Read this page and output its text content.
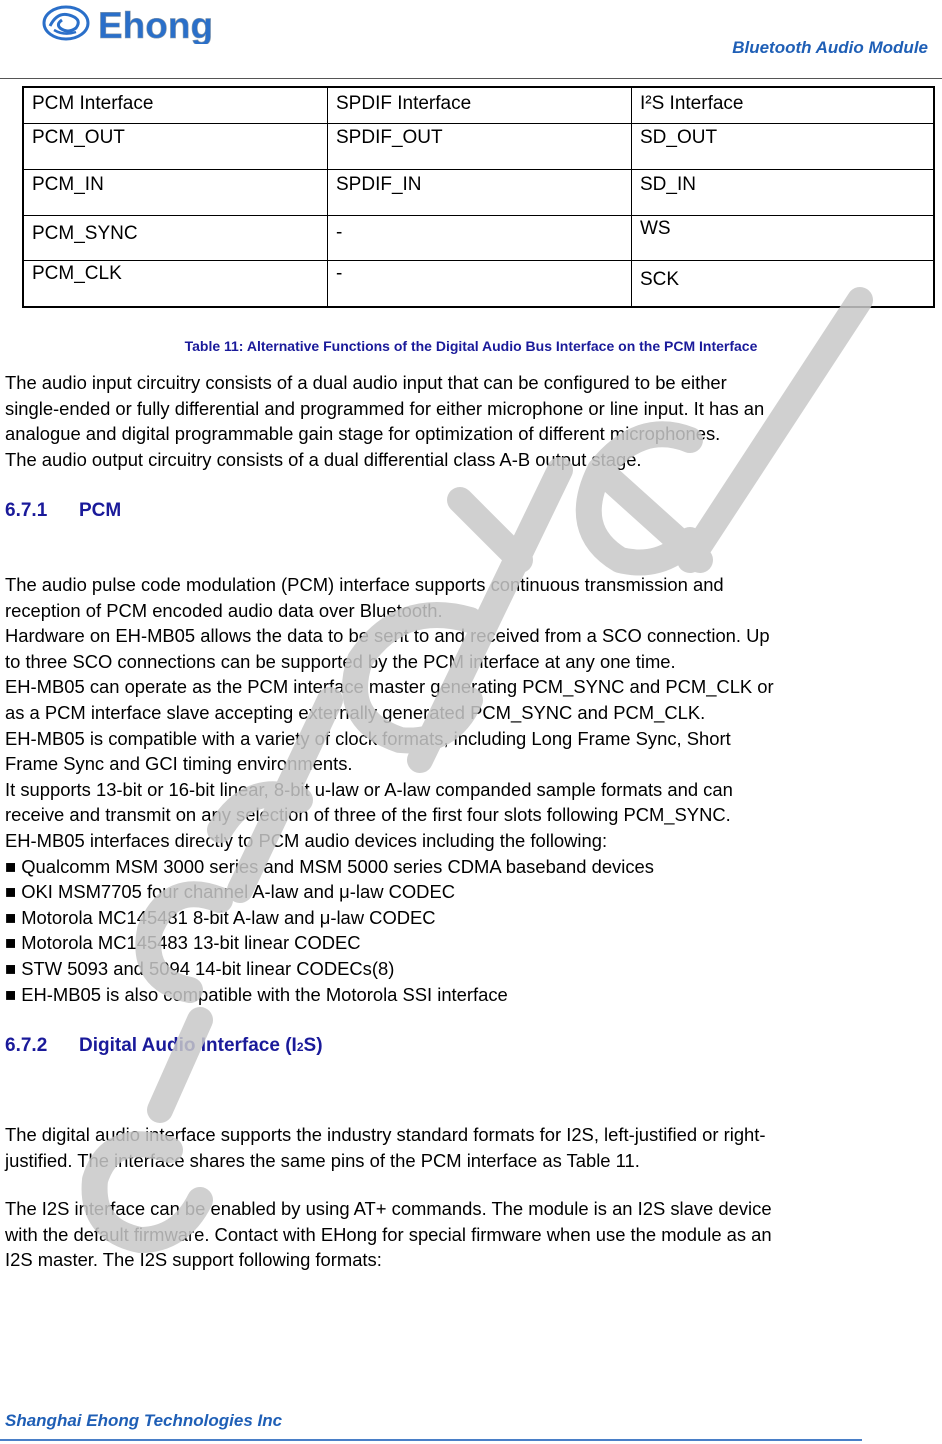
Ehong
Bluetooth Audio Module
PCM Interface	SPDIF Interface	I²S Interface
PCM_OUT	SPDIF_OUT	SD_OUT
PCM_IN	SPDIF_IN	SD_IN
PCM_SYNC	-	WS
PCM_CLK	-	SCK
Table 11: Alternative Functions of the Digital Audio Bus Interface on the PCM Interface
The audio input circuitry consists of a dual audio input that can be configured to be either
single-ended or fully differential and programmed for either microphone or line input. It has an
analogue and digital programmable gain stage for optimization of different microphones.
The audio output circuitry consists of a dual differential class A-B output stage.
6.7.1 PCM
The audio pulse code modulation (PCM) interface supports continuous transmission and
reception of PCM encoded audio data over Bluetooth.
Hardware on EH-MB05 allows the data to be sent to and received from a SCO connection. Up
to three SCO connections can be supported by the PCM interface at any one time.
EH-MB05 can operate as the PCM interface master generating PCM_SYNC and PCM_CLK or
as a PCM interface slave accepting externally generated PCM_SYNC and PCM_CLK.
EH-MB05 is compatible with a variety of clock formats, including Long Frame Sync, Short
Frame Sync and GCI timing environments.
It supports 13-bit or 16-bit linear, 8-bit u-law or A-law companded sample formats and can
receive and transmit on any selection of three of the first four slots following PCM_SYNC.
EH-MB05 interfaces directly to PCM audio devices including the following:
■ Qualcomm MSM 3000 series and MSM 5000 series CDMA baseband devices
■ OKI MSM7705 four channel A-law and μ-law CODEC
■ Motorola MC145481 8-bit A-law and μ-law CODEC
■ Motorola MC145483 13-bit linear CODEC
■ STW 5093 and 5094 14-bit linear CODECs(8)
■ EH-MB05 is also compatible with the Motorola SSI interface
6.7.2 Digital Audio Interface (I2S)
The digital audio interface supports the industry standard formats for I2S, left-justified or right-
justified. The interface shares the same pins of the PCM interface as Table 11.
The I2S interface can be enabled by using AT+ commands. The module is an I2S slave device
with the default firmware. Contact with EHong for special firmware when use the module as an
I2S master. The I2S support following formats:
Shanghai Ehong Technologies Inc
